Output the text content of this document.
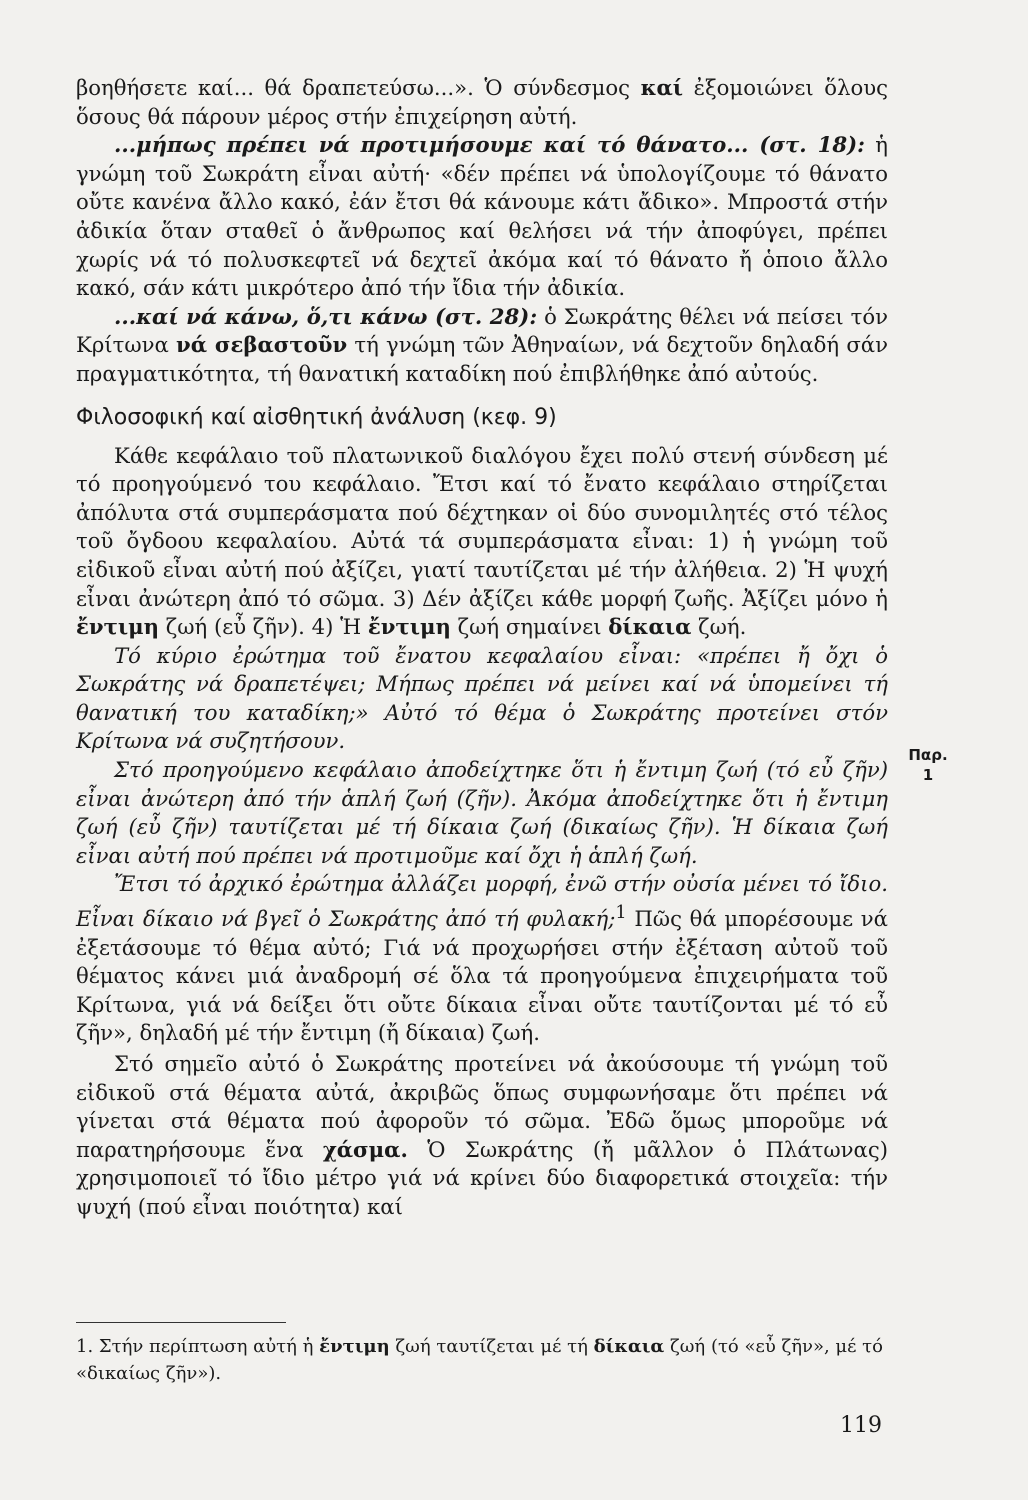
βοηθήσετε καί... θά δραπετεύσω...». Ὁ σύνδεσμος καί ἐξομοιώνει ὅλους ὅσους θά πάρουν μέρος στήν ἐπιχείρηση αὐτή.

...μήπως πρέπει νά προτιμήσουμε καί τό θάνατο... (στ. 18): ἡ γνώμη τοῦ Σωκράτη εἶναι αὐτή· «δέν πρέπει νά ὑπολογίζουμε τό θάνατο οὔτε κανένα ἄλλο κακό, ἐάν ἔτσι θά κάνουμε κάτι ἄδικο». Μπροστά στήν ἀδικία ὅταν σταθεῖ ὁ ἄνθρωπος καί θελήσει νά τήν ἀποφύγει, πρέπει χωρίς νά τό πολυσκεφτεῖ νά δεχτεῖ ἀκόμα καί τό θάνατο ἤ ὁποιο ἄλλο κακό, σάν κάτι μικρότερο ἀπό τήν ἴδια τήν ἀδικία.

...καί νά κάνω, ὅ,τι κάνω (στ. 28): ὁ Σωκράτης θέλει νά πείσει τόν Κρίτωνα νά σεβαστοῦν τή γνώμη τῶν Ἀθηναίων, νά δεχτοῦν δηλαδή σάν πραγματικότητα, τή θανατική καταδίκη πού ἐπιβλήθηκε ἀπό αὐτούς.

Φιλοσοφική καί αἰσθητική ἀνάλυση (κεφ. 9)

Κάθε κεφάλαιο τοῦ πλατωνικοῦ διαλόγου ἔχει πολύ στενή σύνδεση μέ τό προηγούμενό του κεφάλαιο. Ἔτσι καί τό ἔνατο κεφάλαιο στηρίζεται ἀπόλυτα στά συμπεράσματα πού δέχτηκαν οἱ δύο συνομιλητές στό τέλος τοῦ ὄγδοου κεφαλαίου. Αὐτά τά συμπεράσματα εἶναι: 1) ἡ γνώμη τοῦ εἰδικοῦ εἶναι αὐτή πού ἀξίζει, γιατί ταυτίζεται μέ τήν ἀλήθεια. 2) Ἡ ψυχή εἶναι ἀνώτερη ἀπό τό σῶμα. 3) Δέν ἀξίζει κάθε μορφή ζωῆς. Ἀξίζει μόνο ἡ ἔντιμη ζωή (εὖ ζῆν). 4) Ἡ ἔντιμη ζωή σημαίνει δίκαια ζωή.

Τό κύριο ἐρώτημα τοῦ ἔνατου κεφαλαίου εἶναι: «πρέπει ἤ ὄχι ὁ Σωκράτης νά δραπετέψει; Μήπως πρέπει νά μείνει καί νά ὑπομείνει τή θανατική του καταδίκη;» Αὐτό τό θέμα ὁ Σωκράτης προτείνει στόν Κρίτωνα νά συζητήσουν.

Στό προηγούμενο κεφάλαιο ἀποδείχτηκε ὅτι ἡ ἔντιμη ζωή (τό εὖ ζῆν) εἶναι ἀνώτερη ἀπό τήν ἁπλή ζωή (ζῆν). Ἀκόμα ἀποδείχτηκε ὅτι ἡ ἔντιμη ζωή (εὖ ζῆν) ταυτίζεται μέ τή δίκαια ζωή (δικαίως ζῆν). Ἡ δίκαια ζωή εἶναι αὐτή πού πρέπει νά προτιμοῦμε καί ὄχι ἡ ἁπλή ζωή.

Ἔτσι τό ἀρχικό ἐρώτημα ἀλλάζει μορφή, ἐνῶ στήν οὐσία μένει τό ἴδιο. Εἶναι δίκαιο νά βγεῖ ὁ Σωκράτης ἀπό τή φυλακή;$^1$ Πῶς θά μπορέσουμε νά ἐξετάσουμε τό θέμα αὐτό; Γιά νά προχωρήσει στήν ἐξέταση αὐτοῦ τοῦ θέματος κάνει μιά ἀναδρομή σέ ὅλα τά προηγούμενα ἐπιχειρήματα τοῦ Κρίτωνα, γιά νά δείξει ὅτι οὔτε δίκαια εἶναι οὔτε ταυτίζονται μέ τό εὖ ζῆν», δηλαδή μέ τήν ἔντιμη (ἤ δίκαια) ζωή.

Στό σημεῖο αὐτό ὁ Σωκράτης προτείνει νά ἀκούσουμε τή γνώμη τοῦ εἰδικοῦ στά θέματα αὐτά, ἀκριβῶς ὅπως συμφωνήσαμε ὅτι πρέπει νά γίνεται στά θέματα πού ἀφοροῦν τό σῶμα. Ἐδῶ ὅμως μποροῦμε νά παρατηρήσουμε ἕνα χάσμα. Ὁ Σωκράτης (ἤ μᾶλλον ὁ Πλάτωνας) χρησιμοποιεῖ τό ἴδιο μέτρο γιά νά κρίνει δύο διαφορετικά στοιχεῖα: τήν ψυχή (πού εἶναι ποιότητα) καί

Παρ.
1
1. Στήν περίπτωση αὐτή ἡ ἔντιμη ζωή ταυτίζεται μέ τή δίκαια ζωή (τό «εὖ ζῆν», μέ τό «δικαίως ζῆν»).
119
